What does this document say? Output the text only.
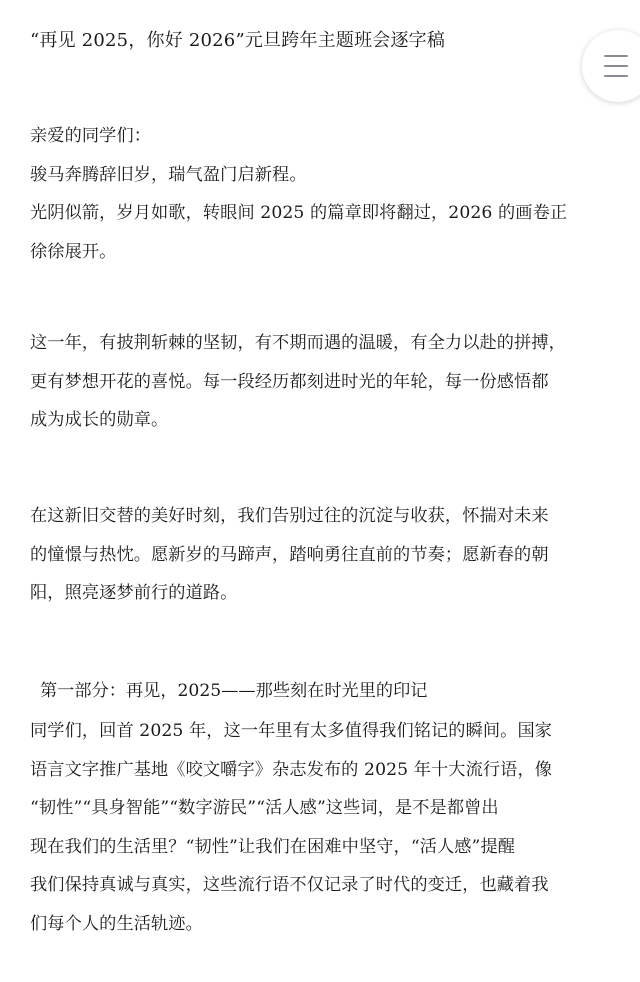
“再见 2025，你好 2026”元旦跨年主题班会逐字稿
亲爱的同学们：
骏马奔腾辞旧岁，瑞气盈门启新程。
光阴似箭，岁月如歌，转眼间 2025 的篇章即将翻过，2026 的画卷正
徐徐展开。
这一年，有披荆斩棘的坚韧，有不期而遇的温暖，有全力以赴的拼搏，
更有梦想开花的喜悦。每一段经历都刻进时光的年轮，每一份感悟都
成为成长的勋章。
在这新旧交替的美好时刻，我们告别过往的沉淀与收获，怀揣对未来
的憧憬与热忱。愿新岁的马蹄声，踏响勇往直前的节奏；愿新春的朝
阳，照亮逐梦前行的道路。
第一部分：再见，2025——那些刻在时光里的印记
同学们，回首 2025 年，这一年里有太多值得我们铭记的瞬间。国家
语言文字推广基地《咬文嚼字》杂志发布的 2025 年十大流行语，像
“韧性”“具身智能”“数字游民”“活人感”这些词，是不是都曾出
现在我们的生活里？“韧性”让我们在困难中坚守，“活人感”提醒
我们保持真诚与真实，这些流行语不仅记录了时代的变迁，也藏着我
们每个人的生活轨迹。
